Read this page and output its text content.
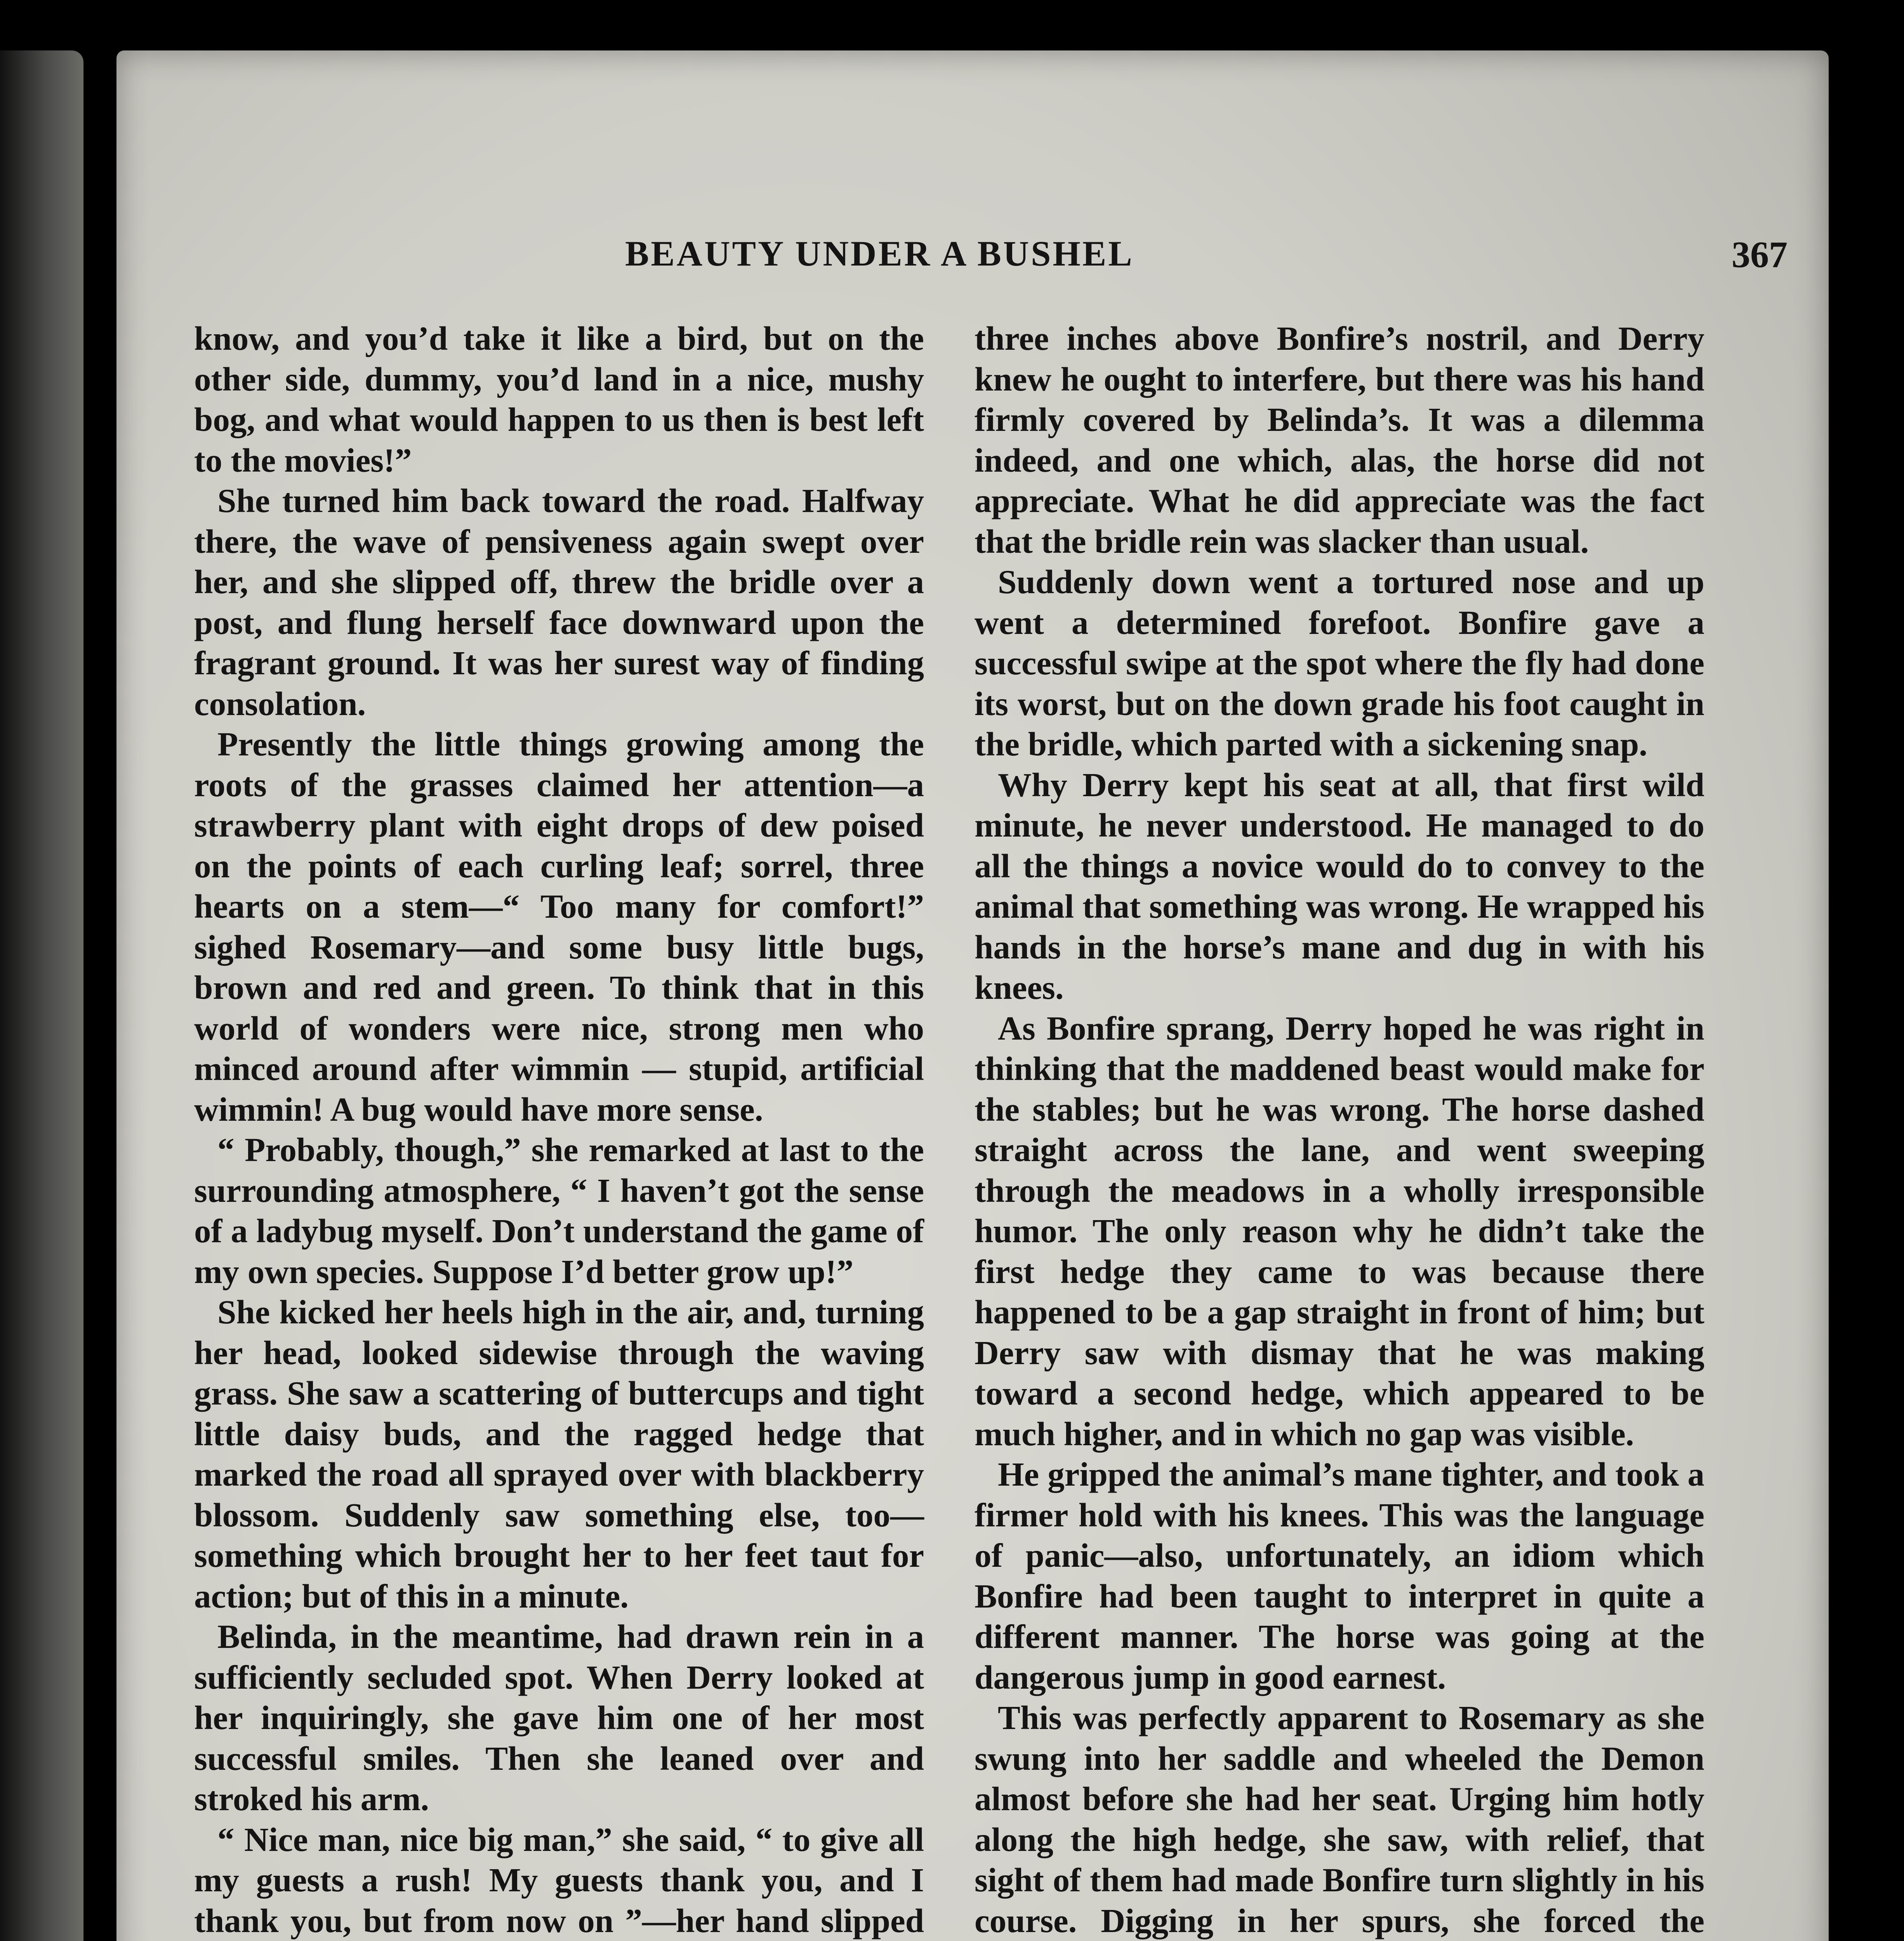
BEAUTY UNDER A BUSHEL	367

know, and you’d take it like a bird, but on the other side, dummy, you’d land in a nice, mushy bog, and what would happen to us then is best left to the movies!”

She turned him back toward the road. Halfway there, the wave of pensiveness again swept over her, and she slipped off, threw the bridle over a post, and flung herself face downward upon the fragrant ground. It was her surest way of finding consolation.

Presently the little things growing among the roots of the grasses claimed her attention—a strawberry plant with eight drops of dew poised on the points of each curling leaf; sorrel, three hearts on a stem—“ Too many for comfort!” sighed Rosemary—and some busy little bugs, brown and red and green. To think that in this world of wonders were nice, strong men who minced around after wimmin — stupid, artificial wimmin! A bug would have more sense.

“ Probably, though,” she remarked at last to the surrounding atmosphere, “ I haven’t got the sense of a ladybug myself. Don’t understand the game of my own species. Suppose I’d better grow up!”

She kicked her heels high in the air, and, turning her head, looked sidewise through the waving grass. She saw a scattering of buttercups and tight little daisy buds, and the ragged hedge that marked the road all sprayed over with blackberry blossom. Suddenly saw something else, too—something which brought her to her feet taut for action; but of this in a minute.

Belinda, in the meantime, had drawn rein in a sufficiently secluded spot. When Derry looked at her inquiringly, she gave him one of her most successful smiles. Then she leaned over and stroked his arm.

“ Nice man, nice big man,” she said, “ to give all my guests a rush! My guests thank you, and I thank you, but from now on ”—her hand slipped

three inches above Bonfire’s nostril, and Derry knew he ought to interfere, but there was his hand firmly covered by Belinda’s. It was a dilemma indeed, and one which, alas, the horse did not appreciate. What he did appreciate was the fact that the bridle rein was slacker than usual.

Suddenly down went a tortured nose and up went a determined forefoot. Bonfire gave a successful swipe at the spot where the fly had done its worst, but on the down grade his foot caught in the bridle, which parted with a sickening snap.

Why Derry kept his seat at all, that first wild minute, he never understood. He managed to do all the things a novice would do to convey to the animal that something was wrong. He wrapped his hands in the horse’s mane and dug in with his knees.

As Bonfire sprang, Derry hoped he was right in thinking that the maddened beast would make for the stables; but he was wrong. The horse dashed straight across the lane, and went sweeping through the meadows in a wholly irresponsible humor. The only reason why he didn’t take the first hedge they came to was because there happened to be a gap straight in front of him; but Derry saw with dismay that he was making toward a second hedge, which appeared to be much higher, and in which no gap was visible.

He gripped the animal’s mane tighter, and took a firmer hold with his knees. This was the language of panic—also, unfortunately, an idiom which Bonfire had been taught to interpret in quite a different manner. The horse was going at the dangerous jump in good earnest.

This was perfectly apparent to Rosemary as she swung into her saddle and wheeled the Demon almost before she had her seat. Urging him hotly along the high hedge, she saw, with relief, that sight of them had made Bonfire turn slightly in his course. Digging in her spurs, she forced the
